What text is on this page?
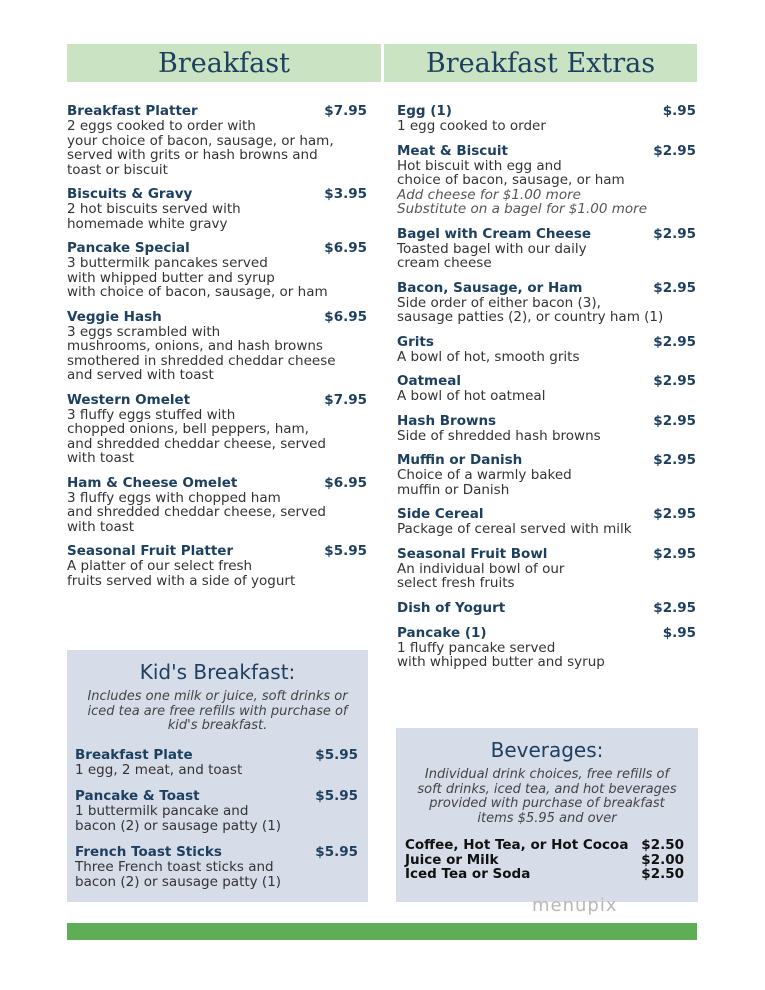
Breakfast	Breakfast Extras
Breakfast Platter	$7.95
2 eggs cooked to order with
your choice of bacon, sausage, or ham,
served with grits or hash browns and
toast or biscuit
Biscuits & Gravy	$3.95
2 hot biscuits served with
homemade white gravy
Pancake Special	$6.95
3 buttermilk pancakes served
with whipped butter and syrup
with choice of bacon, sausage, or ham
Veggie Hash	$6.95
3 eggs scrambled with
mushrooms, onions, and hash browns
smothered in shredded cheddar cheese
and served with toast
Western Omelet	$7.95
3 fluffy eggs stuffed with
chopped onions, bell peppers, ham,
and shredded cheddar cheese, served
with toast
Ham & Cheese Omelet	$6.95
3 fluffy eggs with chopped ham
and shredded cheddar cheese, served
with toast
Seasonal Fruit Platter	$5.95
A platter of our select fresh
fruits served with a side of yogurt
Egg (1)	$.95
1 egg cooked to order
Meat & Biscuit	$2.95
Hot biscuit with egg and
choice of bacon, sausage, or ham
Add cheese for $1.00 more
Substitute on a bagel for $1.00 more
Bagel with Cream Cheese	$2.95
Toasted bagel with our daily
cream cheese
Bacon, Sausage, or Ham	$2.95
Side order of either bacon (3),
sausage patties (2), or country ham (1)
Grits	$2.95
A bowl of hot, smooth grits
Oatmeal	$2.95
A bowl of hot oatmeal
Hash Browns	$2.95
Side of shredded hash browns
Muffin or Danish	$2.95
Choice of a warmly baked
muffin or Danish
Side Cereal	$2.95
Package of cereal served with milk
Seasonal Fruit Bowl	$2.95
An individual bowl of our
select fresh fruits
Dish of Yogurt	$2.95
Pancake (1)	$.95
1 fluffy pancake served
with whipped butter and syrup
Kid's Breakfast:
Includes one milk or juice, soft drinks or
iced tea are free refills with purchase of
kid's breakfast.
Breakfast Plate	$5.95
1 egg, 2 meat, and toast
Pancake & Toast	$5.95
1 buttermilk pancake and
bacon (2) or sausage patty (1)
French Toast Sticks	$5.95
Three French toast sticks and
bacon (2) or sausage patty (1)
Beverages:
Individual drink choices, free refills of
soft drinks, iced tea, and hot beverages
provided with purchase of breakfast
items $5.95 and over
Coffee, Hot Tea, or Hot Cocoa $2.50
Juice or Milk	$2.00
Iced Tea or Soda	$2.50
menupix
